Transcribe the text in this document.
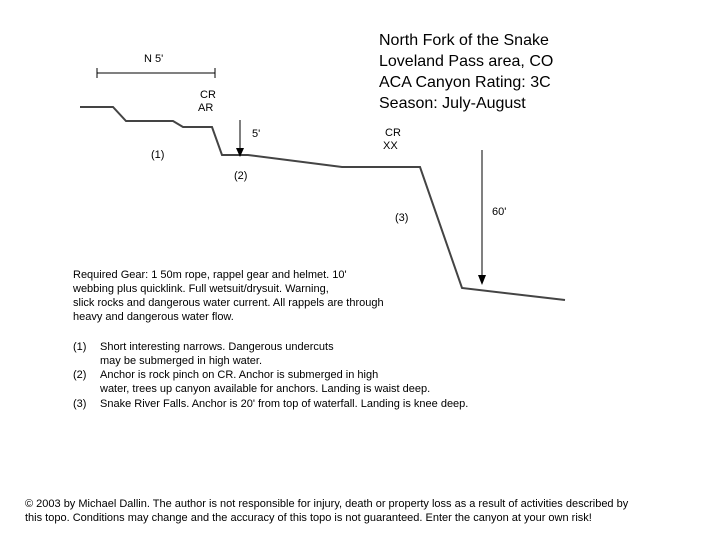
North Fork of the Snake
Loveland Pass area, CO
ACA Canyon Rating: 3C
Season: July-August
N 5'
CR
AR
5'	CR
XX
60'
(1)
(2)
(3)
Required Gear: 1 50m rope, rappel gear and helmet. 10'
webbing plus quicklink. Full wetsuit/drysuit. Warning,
slick rocks and dangerous water current. All rappels are through
heavy and dangerous water flow.
(1) Short interesting narrows. Dangerous undercuts
may be submerged in high water.
(2) Anchor is rock pinch on CR. Anchor is submerged in high
water, trees up canyon available for anchors. Landing is waist deep.
(3) Snake River Falls. Anchor is 20' from top of waterfall. Landing is knee deep.
© 2003 by Michael Dallin. The author is not responsible for injury, death or property loss as a result of activities described by
this topo. Conditions may change and the accuracy of this topo is not guaranteed. Enter the canyon at your own risk!
